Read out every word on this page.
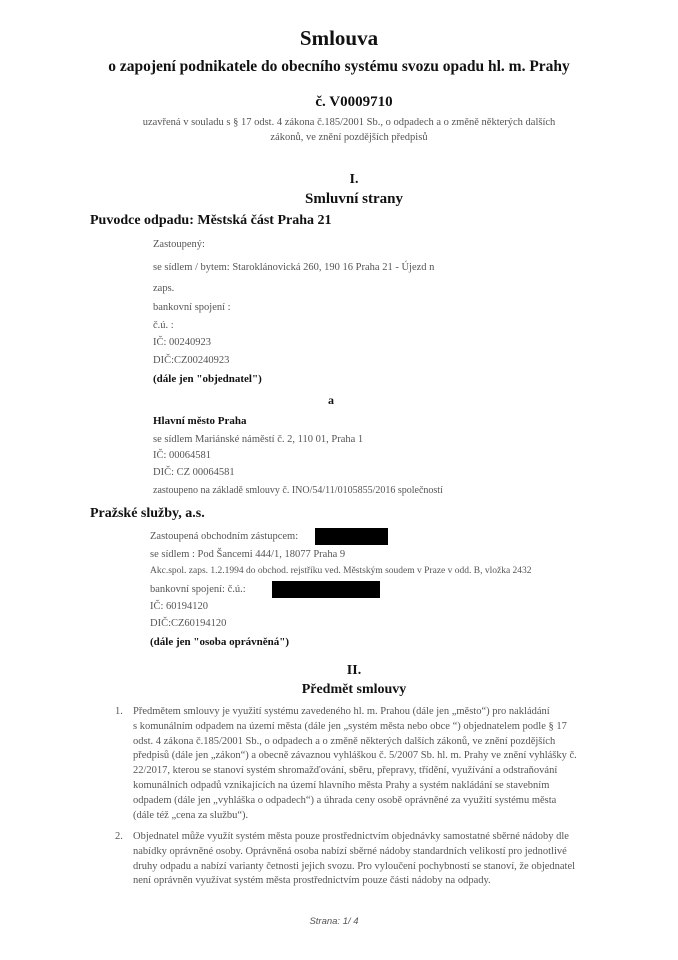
Smlouva
o zapojení podnikatele do obecního systému svozu opadu hl. m. Prahy
č. V0009710
uzavřená v souladu s § 17 odst. 4 zákona č.185/2001 Sb., o odpadech a o změně některých dalších
zákonů, ve znění pozdějších předpisů
I.
Smluvní strany
Puvodce odpadu: Městská část Praha 21
Zastoupený:
se sídlem / bytem: Staroklánovická 260, 190 16 Praha 21 - Újezd n
zaps.
bankovní spojení :
č.ú. :
IČ: 00240923
DIČ:CZ00240923
(dále jen "objednatel")
a
Hlavní město Praha
se sídlem Mariánské náměstí č. 2, 110 01, Praha 1
IČ: 00064581
DIČ: CZ 00064581
zastoupeno na základě smlouvy č. INO/54/11/0105855/2016 společností
Pražské služby, a.s.
Zastoupená obchodním zástupcem:
se sídlem : Pod Šancemi 444/1, 18077 Praha 9
Akc.spol. zaps. 1.2.1994 do obchod. rejstříku ved. Městským soudem v Praze v odd. B, vložka 2432
bankovní spojení: č.ú.:
IČ: 60194120
DIČ:CZ60194120
(dále jen "osoba oprávněná")
II.
Předmět smlouvy
1. Předmětem smlouvy je využití systému zavedeného hl. m. Prahou (dále jen „město“) pro nakládání
s komunálním odpadem na území města (dále jen „systém města nebo obce “) objednatelem podle § 17
odst. 4 zákona č.185/2001 Sb., o odpadech a o změně některých dalších zákonů, ve znění pozdějších
předpisů (dále jen „zákon“) a obecně závaznou vyhláškou č. 5/2007 Sb. hl. m. Prahy ve znění vyhlášky č.
22/2017, kterou se stanoví systém shromažďování, sběru, přepravy, třídění, využívání a odstraňování
komunálních odpadů vznikajících na území hlavního města Prahy a systém nakládání se stavebním
odpadem (dále jen „vyhláška o odpadech“) a úhrada ceny osobě oprávněné za využití systému města
(dále též „cena za službu“).
2. Objednatel může využít systém města pouze prostřednictvím objednávky samostatné sběrné nádoby dle
nabídky oprávněné osoby. Oprávněná osoba nabízí sběrné nádoby standardních velikostí pro jednotlivé
druhy odpadu a nabízí varianty četnosti jejich svozu. Pro vyloučení pochybností se stanoví, že objednatel
není oprávněn využívat systém města prostřednictvím pouze části nádoby na odpady.
Strana: 1/ 4
